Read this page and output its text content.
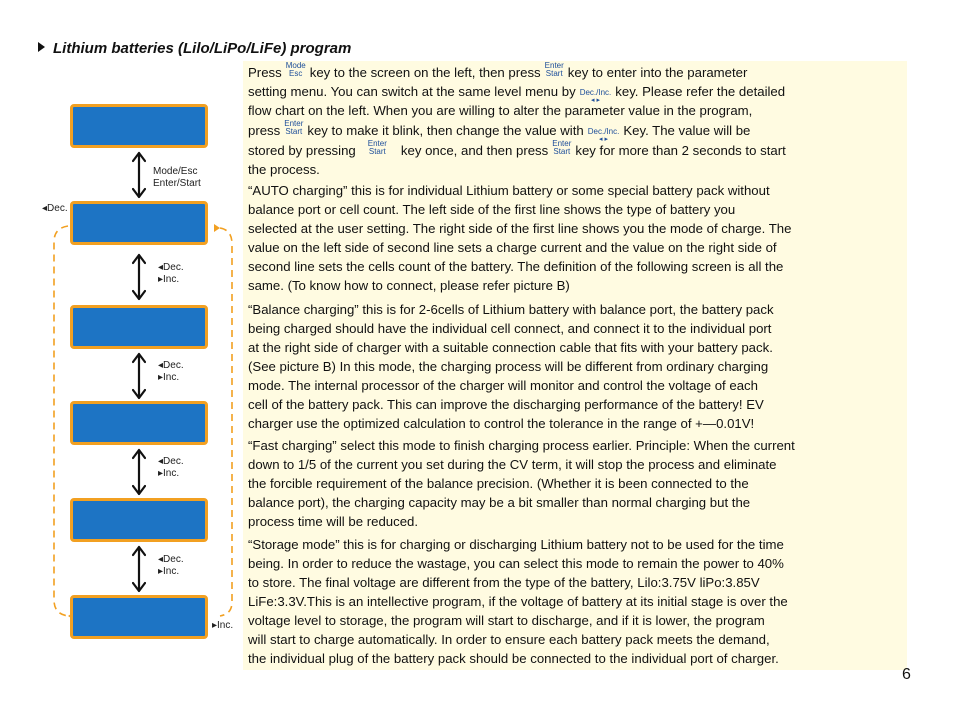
Lithium batteries (Lilo/LiPo/LiFe) program
Mode/Esc
Enter/Start
◂Dec.
◂Dec.
▸Inc.
◂Dec.
▸Inc.
◂Dec.
▸Inc.
◂Dec.
▸Inc.
▸Inc.

Press Mode
Esc key to the screen on the left, then press Enter
Start key to enter into the parameter

setting menu. You can switch at the same level menu by Dec./Inc. ◂ ▸ key. Please refer the detailed

flow chart on the left. When you are willing to alter the parameter value in the program,

press Enter
Start key to make it blink, then change the value with Dec./Inc. ◂ ▸ Key. The value will be

stored by pressing Enter
Start key once, and then press Enter
Start key for more than 2 seconds to start

the process.

“AUTO charging” this is for individual Lithium battery or some special battery pack without

balance port or cell count. The left side of the first line shows the type of battery you

selected at the user setting. The right side of the first line shows you the mode of charge. The

value on the left side of second line sets a charge current and the value on the right side of

second line sets the cells count of the battery. The definition of the following screen is all the

same. (To know how to connect, please refer picture B)

“Balance charging” this is for 2-6cells of Lithium battery with balance port, the battery pack

being charged should have the individual cell connect, and connect it to the individual port

at the right side of charger with a suitable connection cable that fits with your battery pack.

(See picture B) In this mode, the charging process will be different from ordinary charging

mode. The internal processor of the charger will monitor and control the voltage of each

cell of the battery pack. This can improve the discharging performance of the battery! EV

charger use the optimized calculation to control the tolerance in the range of +—0.01V!

“Fast charging” select this mode to finish charging process earlier. Principle: When the current

down to 1/5 of the current you set during the CV term, it will stop the process and eliminate

the forcible requirement of the balance precision. (Whether it is been connected to the

balance port), the charging capacity may be a bit smaller than normal charging but the

process time will be reduced.

“Storage mode” this is for charging or discharging Lithium battery not to be used for the time

being. In order to reduce the wastage, you can select this mode to remain the power to 40%

to store. The final voltage are different from the type of the battery, Lilo:3.75V liPo:3.85V

LiFe:3.3V.This is an intellective program, if the voltage of battery at its initial stage is over the

voltage level to storage, the program will start to discharge, and if it is lower, the program

will start to charge automatically. In order to ensure each battery pack meets the demand,

the individual plug of the battery pack should be connected to the individual port of charger.

6
